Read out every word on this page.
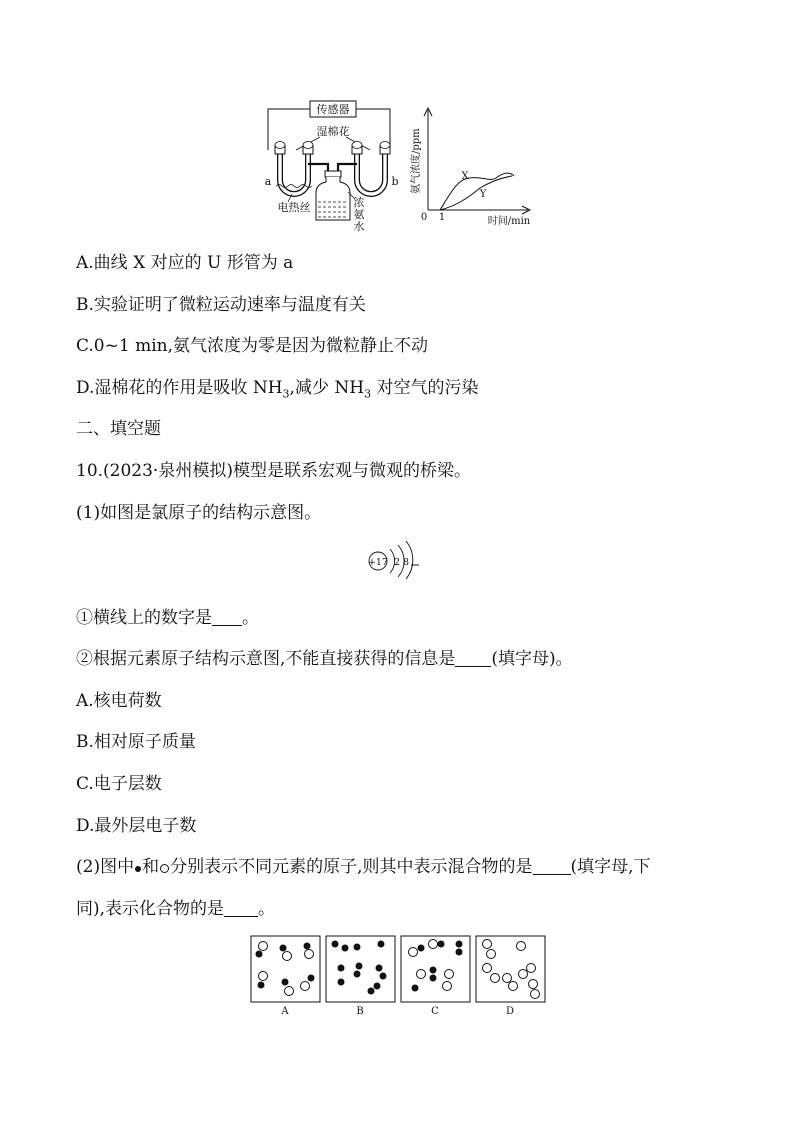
传感器
湿棉花
a	b
电热丝	浓
氨
水
氨气浓度/ppm
0 1	时间/min
X
Y
A.曲线 X 对应的 U 形管为 a
B.实验证明了微粒运动速率与温度有关
C.0~1 min,氨气浓度为零是因为微粒静止不动
D.湿棉花的作用是吸收 $NH_3$,减少 $NH_3$ 对空气的污染
二、填空题
10.(2023·泉州模拟)模型是联系宏观与微观的桥梁。
(1)如图是氯原子的结构示意图。
+17 2 8
①横线上的数字是 。
②根据元素原子结构示意图,不能直接获得的信息是 (填字母)。
A.核电荷数
B.相对原子质量
C.电子层数
D.最外层电子数
(2)图中 和 分别表示不同元素的原子,则其中表示混合物的是 (填字母,下
同),表示化合物的是 。
A	B	C	D
